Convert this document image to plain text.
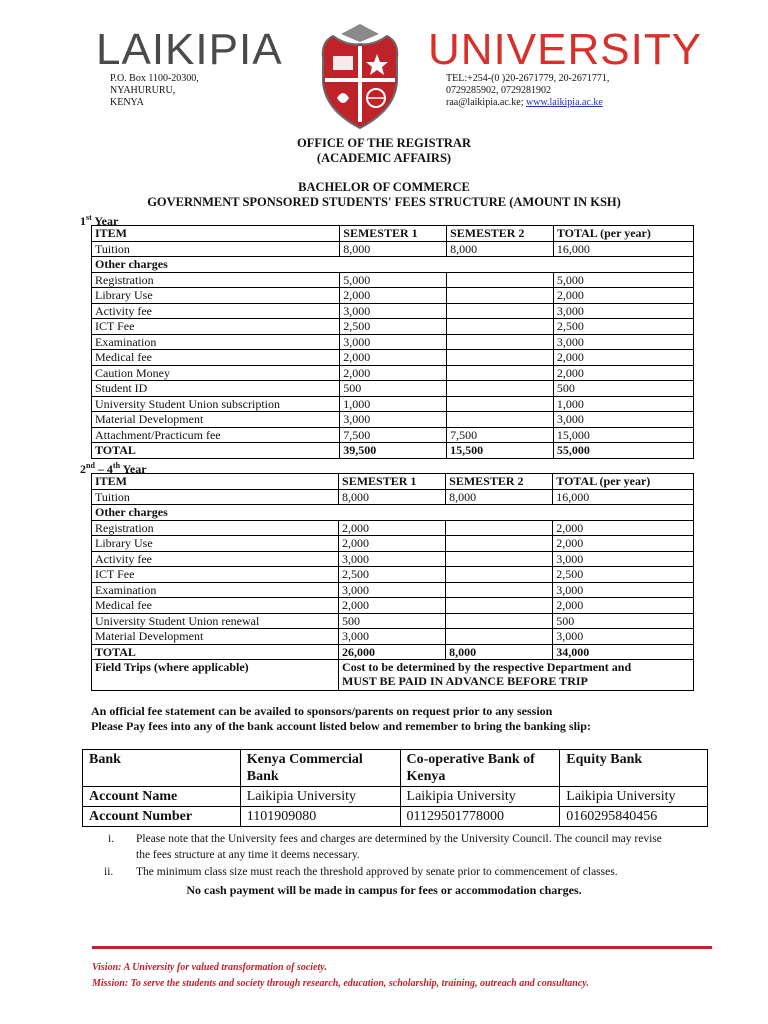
LAIKIPIA	UNIVERSITY
P.O. Box 1100-20300,
NYAHURURU,
KENYA
TEL:+254-(0 )20-2671779, 20-2671771,
0729285902, 0729281902
raa@laikipia.ac.ke; www.laikipia.ac.ke
OFFICE OF THE REGISTRAR
(ACADEMIC AFFAIRS)
BACHELOR OF COMMERCE
GOVERNMENT SPONSORED STUDENTS' FEES STRUCTURE (AMOUNT IN KSH)
1st Year
ITEM	SEMESTER 1	SEMESTER 2	TOTAL (per year)
Tuition	8,000	8,000	16,000
Other charges			
Registration	5,000		5,000
Library Use	2,000		2,000
Activity fee	3,000		3,000
ICT Fee	2,500		2,500
Examination	3,000		3,000
Medical fee	2,000		2,000
Caution Money	2,000		2,000
Student ID	500		500
University Student Union subscription	1,000		1,000
Material Development	3,000		3,000
Attachment/Practicum fee	7,500	7,500	15,000
TOTAL	39,500	15,500	55,000
2nd – 4th Year
ITEM	SEMESTER 1	SEMESTER 2	TOTAL (per year)
Tuition	8,000	8,000	16,000
Other charges			
Registration	2,000		2,000
Library Use	2,000		2,000
Activity fee	3,000		3,000
ICT Fee	2,500		2,500
Examination	3,000		3,000
Medical fee	2,000		2,000
University Student Union renewal	500		500
Material Development	3,000		3,000
TOTAL	26,000	8,000	34,000
Field Trips (where applicable)	Cost to be determined by the respective Department and
MUST BE PAID IN ADVANCE BEFORE TRIP		
An official fee statement can be availed to sponsors/parents on request prior to any session
Please Pay fees into any of the bank account listed below and remember to bring the banking slip:
Bank	Kenya Commercial Bank	Co-operative Bank of Kenya	Equity Bank
Account Name	Laikipia University	Laikipia University	Laikipia University
Account Number	1101909080	01129501778000	0160295840456
i. Please note that the University fees and charges are determined by the University Council. The council may revise
the fees structure at any time it deems necessary.
ii. The minimum class size must reach the threshold approved by senate prior to commencement of classes.
No cash payment will be made in campus for fees or accommodation charges.
Vision: A University for valued transformation of society.
Mission: To serve the students and society through research, education, scholarship, training, outreach and consultancy.
